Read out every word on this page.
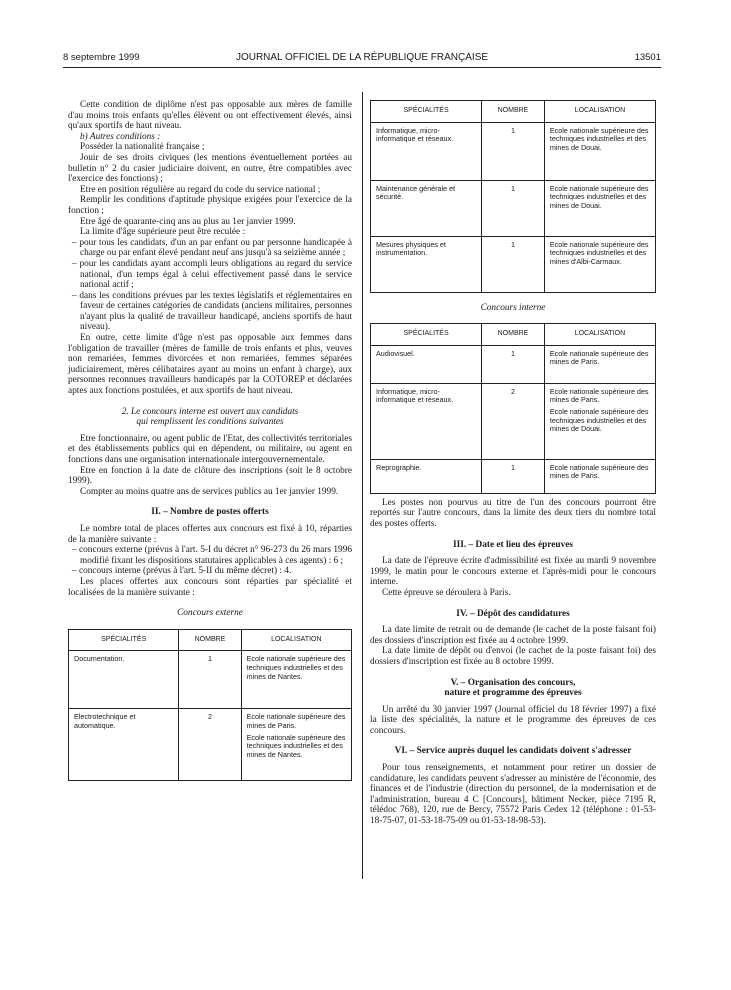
8 septembre 1999	JOURNAL OFFICIEL DE LA RÉPUBLIQUE FRANÇAISE	13501

Cette condition de diplôme n'est pas opposable aux mères de famille d'au moins trois enfants qu'elles élèvent ou ont effectivement élevés, ainsi qu'aux sportifs de haut niveau.

b) Autres conditions :

Posséder la nationalité française ;

Jouir de ses droits civiques (les mentions éventuellement portées au bulletin n° 2 du casier judiciaire doivent, en outre, être compatibles avec l'exercice des fonctions) ;

Etre en position régulière au regard du code du service national ;

Remplir les conditions d'aptitude physique exigées pour l'exercice de la fonction ;

Etre âgé de quarante-cinq ans au plus au 1er janvier 1999.

La limite d'âge supérieure peut être reculée :

– pour tous les candidats, d'un an par enfant ou par personne handicapée à charge ou par enfant élevé pendant neuf ans jusqu'à sa seizième année ;

– pour les candidats ayant accompli leurs obligations au regard du service national, d'un temps égal à celui effectivement passé dans le service national actif ;

– dans les conditions prévues par les textes législatifs et réglementaires en faveur de certaines catégories de candidats (anciens militaires, personnes n'ayant plus la qualité de travailleur handicapé, anciens sportifs de haut niveau).

En outre, cette limite d'âge n'est pas opposable aux femmes dans l'obligation de travailler (mères de famille de trois enfants et plus, veuves non remariées, femmes divorcées et non remariées, femmes séparées judiciairement, mères célibataires ayant au moins un enfant à charge), aux personnes reconnues travailleurs handicapés par la COTOREP et déclarées aptes aux fonctions postulées, et aux sportifs de haut niveau.

2. Le concours interne est ouvert aux candidats
qui remplissent les conditions suivantes

Etre fonctionnaire, ou agent public de l'Etat, des collectivités territoriales et des établissements publics qui en dépendent, ou militaire, ou agent en fonctions dans une organisation internationale intergouvernementale.

Etre en fonction à la date de clôture des inscriptions (soit le 8 octobre 1999).

Compter au moins quatre ans de services publics au 1er janvier 1999.

II. – Nombre de postes offerts

Le nombre total de places offertes aux concours est fixé à 10, réparties de la manière suivante :

– concours externe (prévus à l'art. 5-I du décret n° 96-273 du 26 mars 1996 modifié fixant les dispositions statutaires applicables à ces agents) : 6 ;

– concours interne (prévus à l'art. 5-II du même décret) : 4.

Les places offertes aux concours sont réparties par spécialité et localisées de la manière suivante :

Concours externe

SPÉCIALITÉS	NOMBRE	LOCALISATION
Documentation.	1	Ecole nationale supérieure des techniques industrielles et des mines de Nantes.

Electrotechnique et automatique.	2	Ecole nationale supérieure des mines de Paris.
Ecole nationale supérieure des techniques industrielles et des mines de Nantes.
SPÉCIALITÉS	NOMBRE	LOCALISATION
Informatique, micro-informatique et réseaux.	1	Ecole nationale supérieure des techniques industrielles et des mines de Douai.

Maintenance générale et sécurité.	1	Ecole nationale supérieure des techniques industrielles et des mines de Douai.

Mesures physiques et instrumentation.	1	Ecole nationale supérieure des techniques industrielles et des mines d'Albi-Carmaux.

Concours interne

SPÉCIALITÉS	NOMBRE	LOCALISATION
Audiovisuel.	1	Ecole nationale supérieure des mines de Paris.

Informatique, micro-informatique et réseaux.	2	Ecole nationale supérieure des mines de Paris.
Ecole nationale supérieure des techniques industrielles et des mines de Douai.

Reprographie.	1	Ecole nationale supérieure des mines de Paris.

Les postes non pourvus au titre de l'un des concours pourront être reportés sur l'autre concours, dans la limite des deux tiers du nombre total des postes offerts.

III. – Date et lieu des épreuves

La date de l'épreuve écrite d'admissibilité est fixée au mardi 9 novembre 1999, le matin pour le concours externe et l'après-midi pour le concours interne.

Cette épreuve se déroulera à Paris.

IV. – Dépôt des candidatures

La date limite de retrait ou de demande (le cachet de la poste faisant foi) des dossiers d'inscription est fixée au 4 octobre 1999.

La date limite de dépôt ou d'envoi (le cachet de la poste faisant foi) des dossiers d'inscription est fixée au 8 octobre 1999.

V. – Organisation des concours,
nature et programme des épreuves

Un arrêté du 30 janvier 1997 (Journal officiel du 18 février 1997) a fixé la liste des spécialités, la nature et le programme des épreuves de ces concours.

VI. – Service auprès duquel les candidats doivent s'adresser

Pour tous renseignements, et notamment pour retirer un dossier de candidature, les candidats peuvent s'adresser au ministère de l'économie, des finances et de l'industrie (direction du personnel, de la modernisation et de l'administration, bureau 4 C [Concours], bâtiment Necker, pièce 7195 R, télédoc 768), 120, rue de Bercy, 75572 Paris Cedex 12 (téléphone : 01-53-18-75-07, 01-53-18-75-09 ou 01-53-18-98-53).
